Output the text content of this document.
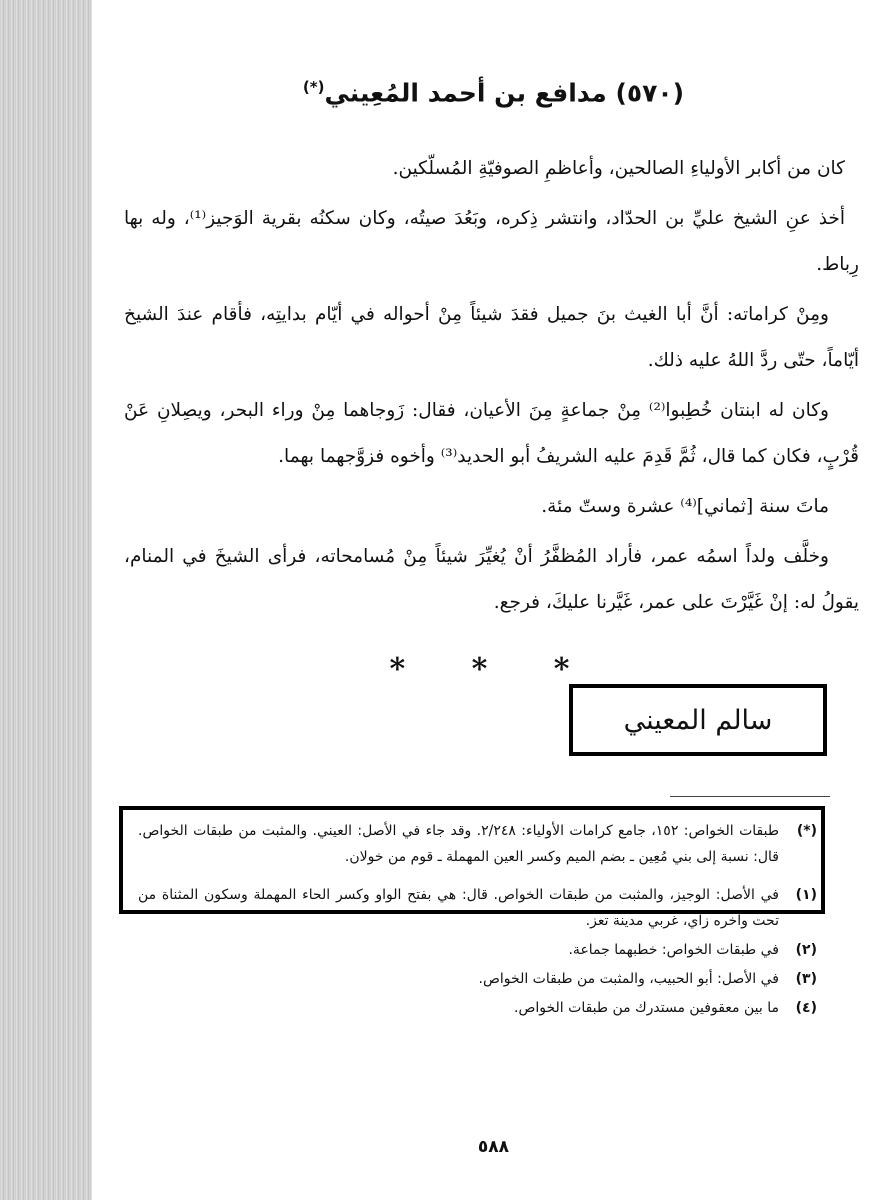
(٥٧٠) مدافع بن أحمد المُعِيني(*)

كان من أكابر الأولياءِ الصالحين، وأعاظمِ الصوفيّةِ المُسلّكين.

أخذ عنِ الشيخ عليِّ بن الحدّاد، وانتشر ذِكره، وبَعُدَ صيتُه، وكان سكنُه بقرية الوَجيز⁽¹⁾، وله بها رِباط.

ومِنْ كراماته: أنَّ أبا الغيث بنَ جميل فقدَ شيئاً مِنْ أحواله في أيّام بدايتِه، فأقام عندَ الشيخ أيّاماً، حتّى ردَّ اللهُ عليه ذلك.

وكان له ابنتان خُطِبوا⁽²⁾ مِنْ جماعةٍ مِنَ الأعيان، فقال: زَوجاهما مِنْ وراء البحر، ويصِلانِ عَنْ قُرْبٍ، فكان كما قال، ثُمَّ قَدِمَ عليه الشريفُ أبو الحديد⁽³⁾ وأخوه فزوَّجهما بهما.

ماتَ سنة [ثماني]⁽⁴⁾ عشرة وستّ مئة.

وخلَّف ولداً اسمُه عمر، فأراد المُظفَّرُ أنْ يُغيِّرَ شيئاً مِنْ مُسامحاته، فرأى الشيخَ في المنام، يقولُ له: إنْ غَيَّرْتَ على عمر، غَيَّرنا عليكَ، فرجع.

* * *
سالم المعيني
(*)
طبقات الخواص: ١٥٢، جامع كرامات الأولياء: ٢/٢٤٨. وقد جاء في الأصل: العيني. والمثبت من طبقات الخواص. قال: نسبة إلى بني مُعِين ـ بضم الميم وكسر العين المهملة ـ قوم من خولان.
(١)
في الأصل: الوجيز، والمثبت من طبقات الخواص. قال: هي بفتح الواو وكسر الحاء المهملة وسكون المثناة من تحت وآخره زاي، غربي مدينة تعز.
(٢)
في طبقات الخواص: خطبهما جماعة.
(٣)
في الأصل: أبو الحبيب، والمثبت من طبقات الخواص.
(٤)
ما بين معقوفين مستدرك من طبقات الخواص.
٥٨٨
